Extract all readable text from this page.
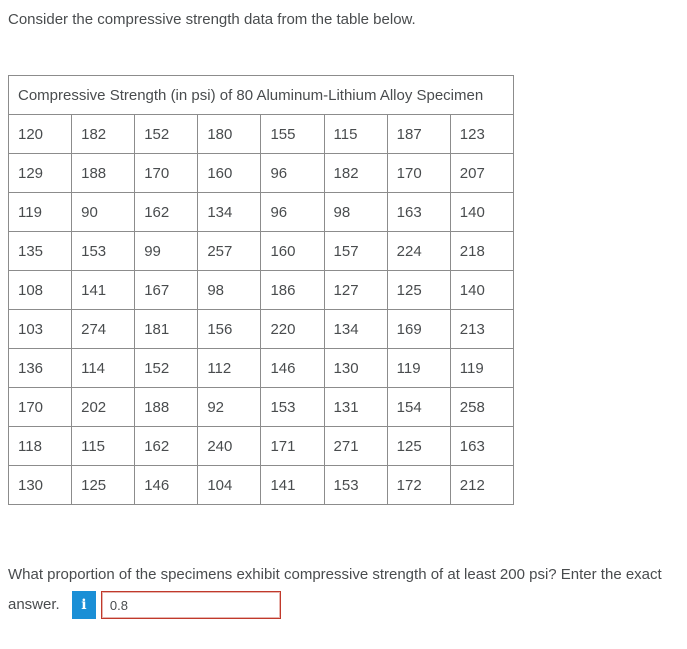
Consider the compressive strength data from the table below.
Compressive Strength (in psi) of 80 Aluminum-Lithium Alloy Specimen							
120	182	152	180	155	115	187	123
129	188	170	160	96	182	170	207
119	90	162	134	96	98	163	140
135	153	99	257	160	157	224	218
108	141	167	98	186	127	125	140
103	274	181	156	220	134	169	213
136	114	152	112	146	130	119	119
170	202	188	92	153	131	154	258
118	115	162	240	171	271	125	163
130	125	146	104	141	153	172	212
What proportion of the specimens exhibit compressive strength of at least 200 psi? Enter the exact answer.	i
0.8
